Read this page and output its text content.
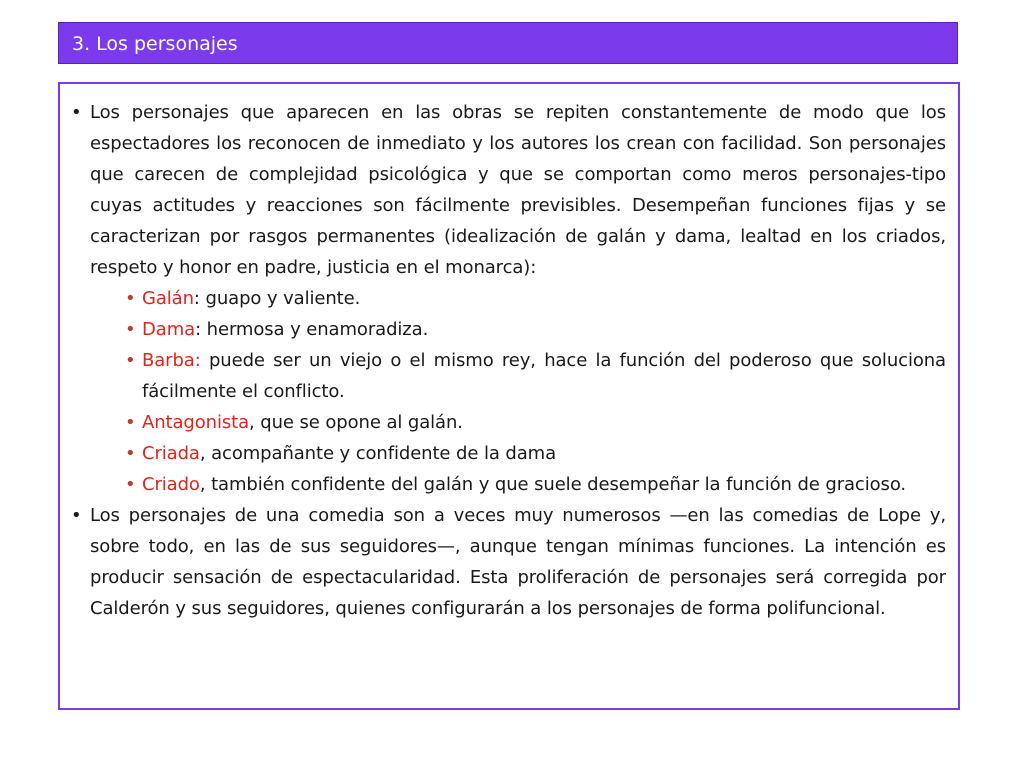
3. Los personajes
• Los personajes que aparecen en las obras se repiten constantemente de modo que los espectadores los reconocen de inmediato y los autores los crean con facilidad. Son personajes que carecen de complejidad psicológica y que se comportan como meros personajes-tipo cuyas actitudes y reacciones son fácilmente previsibles. Desempeñan funciones fijas y se caracterizan por rasgos permanentes (idealización de galán y dama, lealtad en los criados, respeto y honor en padre, justicia en el monarca):
• Galán: guapo y valiente.
• Dama: hermosa y enamoradiza.
• Barba: puede ser un viejo o el mismo rey, hace la función del poderoso que soluciona fácilmente el conflicto.
• Antagonista, que se opone al galán.
• Criada, acompañante y confidente de la dama
• Criado, también confidente del galán y que suele desempeñar la función de gracioso.
• Los personajes de una comedia son a veces muy numerosos —en las comedias de Lope y, sobre todo, en las de sus seguidores—, aunque tengan mínimas funciones. La intención es producir sensación de espectacularidad. Esta proliferación de personajes será corregida por Calderón y sus seguidores, quienes configurarán a los personajes de forma polifuncional.
